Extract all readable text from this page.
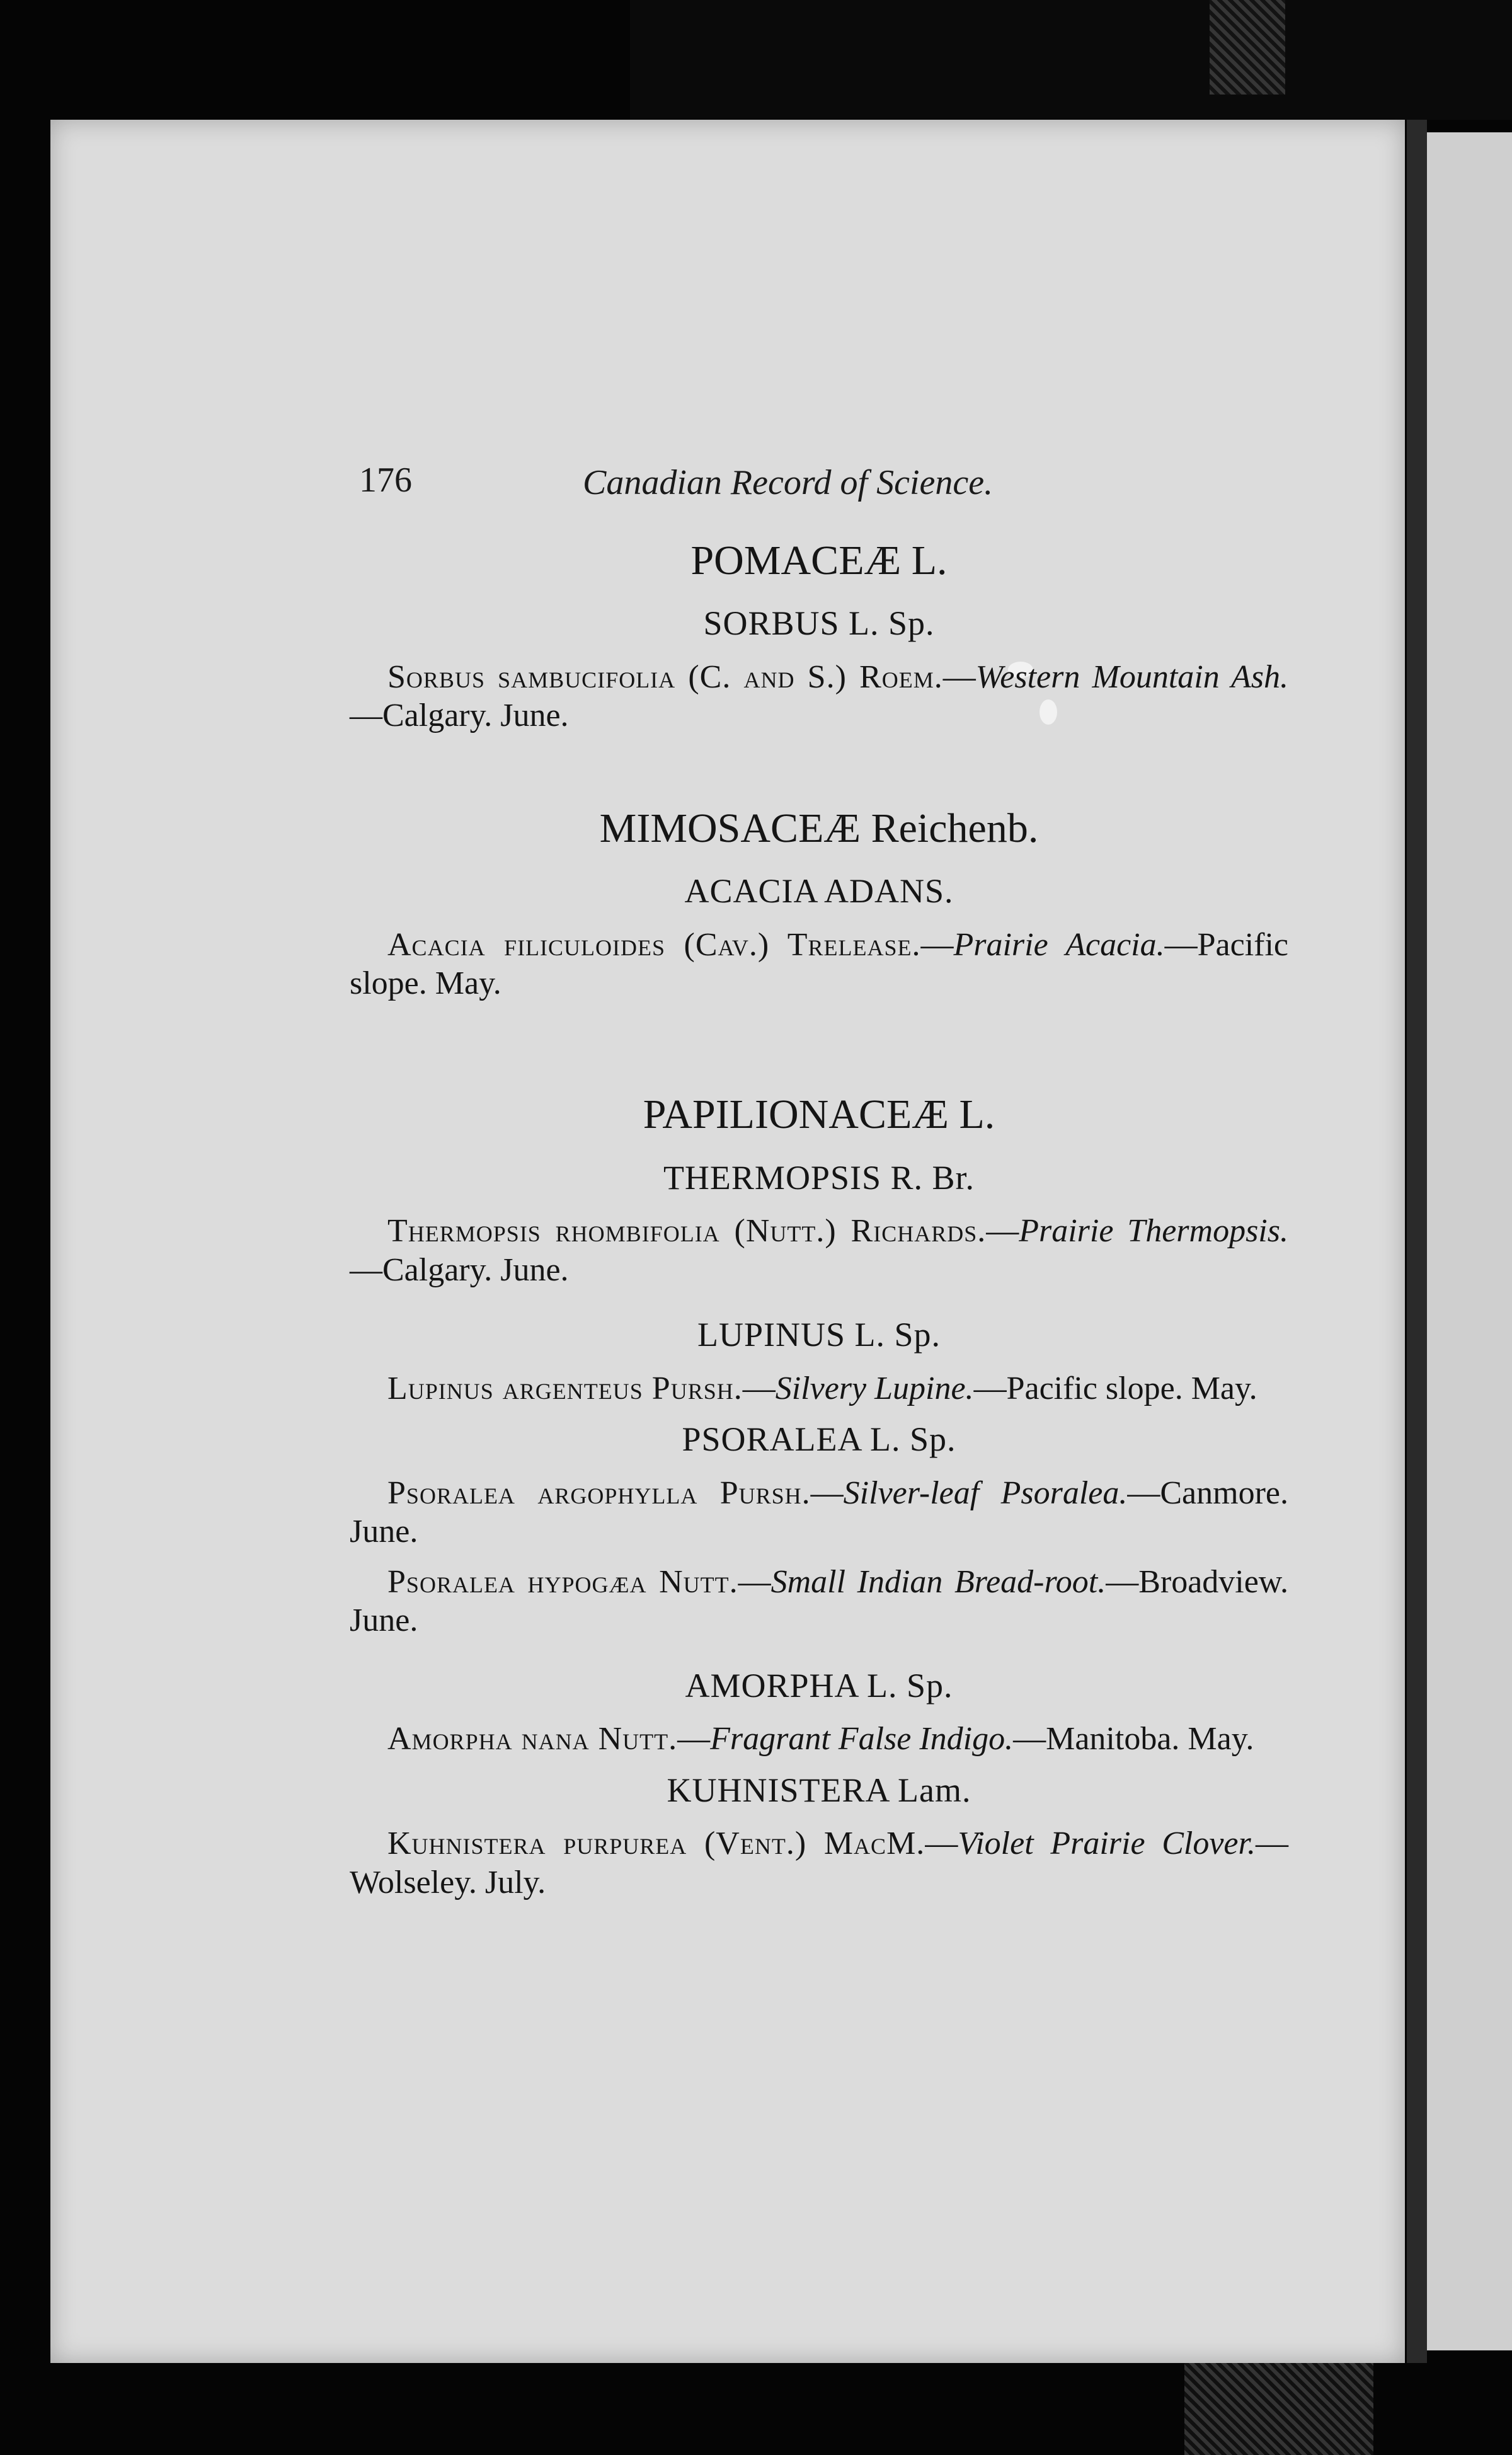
176	Canadian Record of Science.
POMACEÆ L.
SORBUS L. Sp.

Sorbus sambucifolia (C. and S.) Roem.—Western Mountain Ash.—Calgary. June.

MIMOSACEÆ Reichenb.
ACACIA ADANS.

Acacia filiculoides (Cav.) Trelease.—Prairie Acacia.—Pacific slope. May.

PAPILIONACEÆ L.
THERMOPSIS R. Br.

Thermopsis rhombifolia (Nutt.) Richards.—Prairie Thermopsis.—Calgary. June.

LUPINUS L. Sp.

Lupinus argenteus Pursh.—Silvery Lupine.—Pacific slope. May.

PSORALEA L. Sp.

Psoralea argophylla Pursh.—Silver-leaf Psoralea.—Canmore. June.

Psoralea hypogæa Nutt.—Small Indian Bread-root.—Broadview. June.

AMORPHA L. Sp.

Amorpha nana Nutt.—Fragrant False Indigo.—Manitoba. May.

KUHNISTERA Lam.

Kuhnistera purpurea (Vent.) MacM.—Violet Prairie Clover.—Wolseley. July.
